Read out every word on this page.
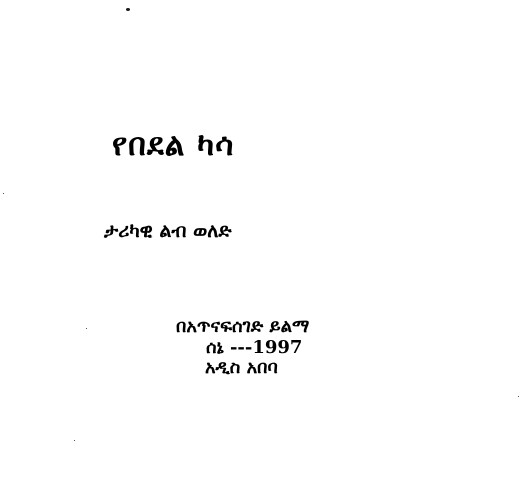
የበደል ካሳ
ታሪካዊ ልብ ወለድ
በአጥናፍሰገድ ይልማ
ሰኔ ---1997
አዲስ አበባ
